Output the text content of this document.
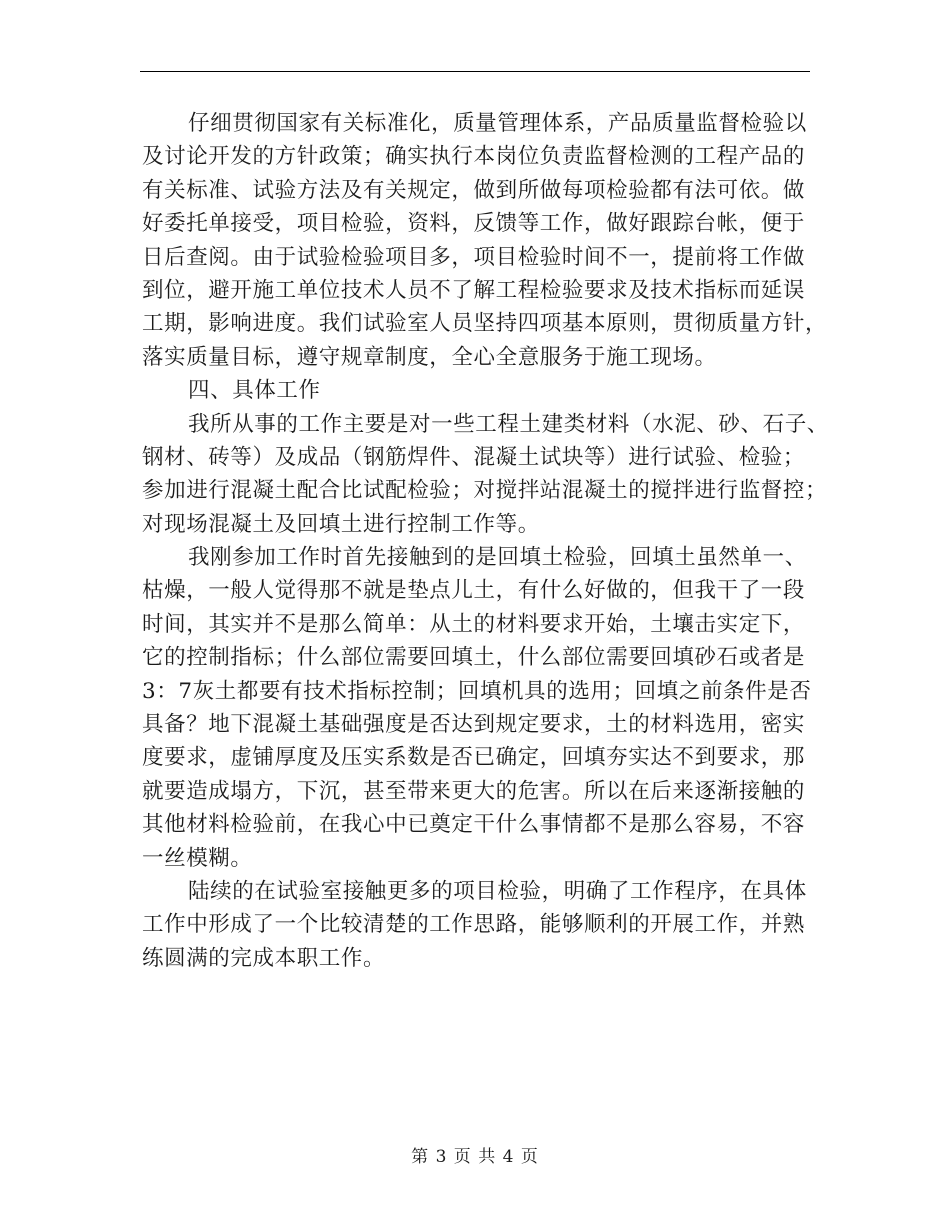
仔细贯彻国家有关标准化，质量管理体系，产品质量监督检验以
及讨论开发的方针政策；确实执行本岗位负责监督检测的工程产品的
有关标准、试验方法及有关规定，做到所做每项检验都有法可依。做
好委托单接受，项目检验，资料，反馈等工作，做好跟踪台帐，便于
日后查阅。由于试验检验项目多，项目检验时间不一，提前将工作做
到位，避开施工单位技术人员不了解工程检验要求及技术指标而延误
工期，影响进度。我们试验室人员坚持四项基本原则，贯彻质量方针，
落实质量目标，遵守规章制度，全心全意服务于施工现场。
四、具体工作
我所从事的工作主要是对一些工程土建类材料（水泥、砂、石子、
钢材、砖等）及成品（钢筋焊件、混凝土试块等）进行试验、检验；
参加进行混凝土配合比试配检验；对搅拌站混凝土的搅拌进行监督控；
对现场混凝土及回填土进行控制工作等。
我刚参加工作时首先接触到的是回填土检验，回填土虽然单一、
枯燥，一般人觉得那不就是垫点儿土，有什么好做的，但我干了一段
时间，其实并不是那么简单：从土的材料要求开始，土壤击实定下，
它的控制指标；什么部位需要回填土，什么部位需要回填砂石或者是
3：7灰土都要有技术指标控制；回填机具的选用；回填之前条件是否
具备？地下混凝土基础强度是否达到规定要求，土的材料选用，密实
度要求，虚铺厚度及压实系数是否已确定，回填夯实达不到要求，那
就要造成塌方，下沉，甚至带来更大的危害。所以在后来逐渐接触的
其他材料检验前，在我心中已奠定干什么事情都不是那么容易，不容
一丝模糊。
陆续的在试验室接触更多的项目检验，明确了工作程序，在具体
工作中形成了一个比较清楚的工作思路，能够顺利的开展工作，并熟
练圆满的完成本职工作。
第 3 页 共 4 页
